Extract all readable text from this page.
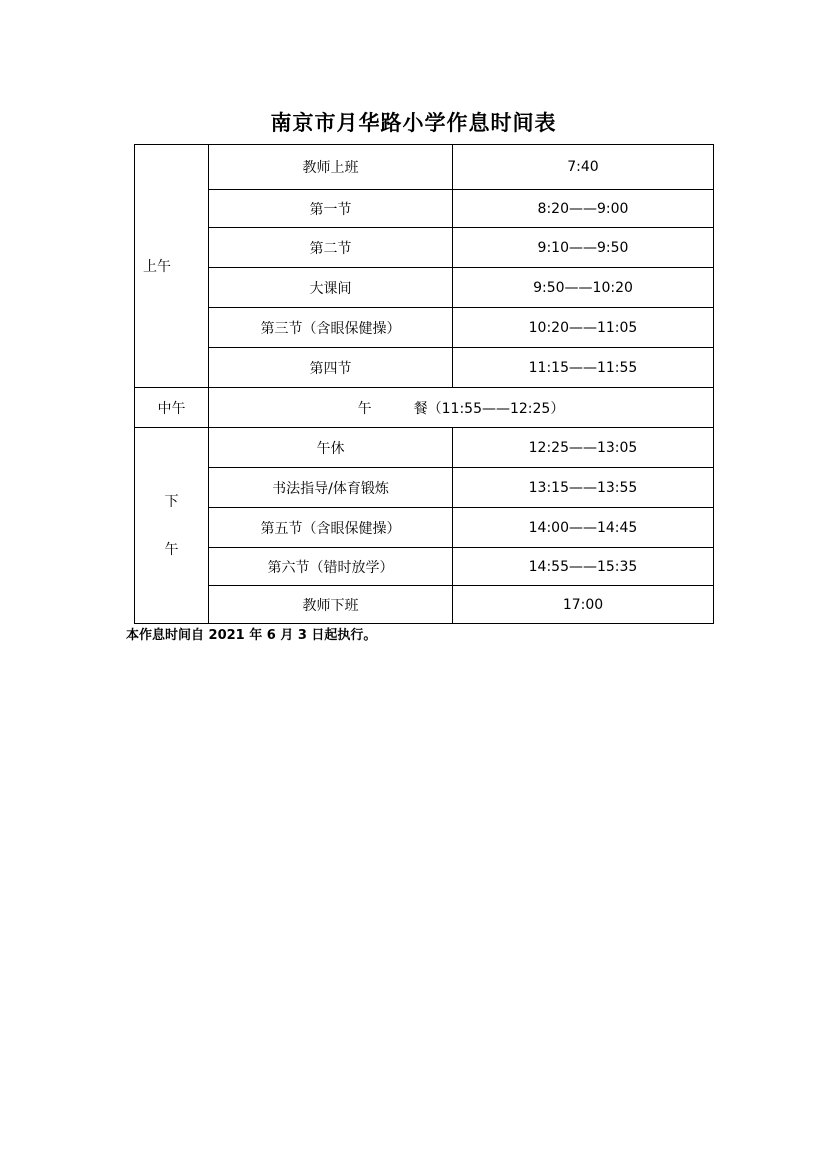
南京市月华路小学作息时间表
上午	教师上班	7:40
	第一节	8:20——9:00
	第二节	9:10——9:50
	大课间	9:50——10:20
	第三节（含眼保健操）	10:20——11:05
	第四节	11:15——11:55
中午	午 餐（11:55——12:25）	

下
午	午休	12:25——13:05
	书法指导/体育锻炼	13:15——13:55
	第五节（含眼保健操）	14:00——14:45
	第六节（错时放学）	14:55——15:35
	教师下班	17:00
本作息时间自 2021 年 6 月 3 日起执行。
